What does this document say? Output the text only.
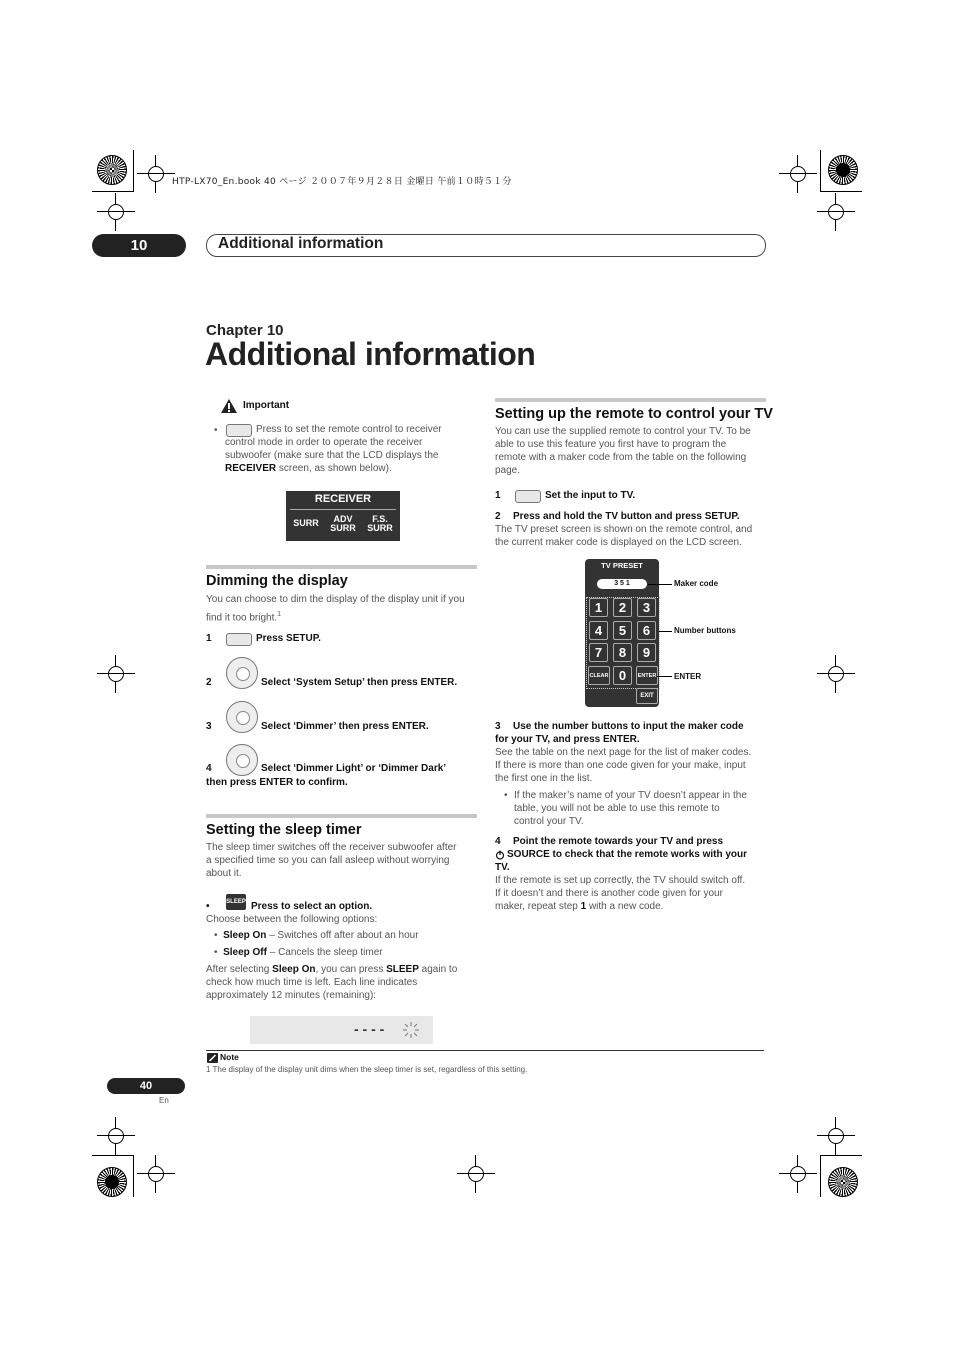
HTP-LX70_En.book 40 ページ ２００７年９月２８日 金曜日 午前１０時５１分
10	Additional information
Chapter 10
Additional information
Important
•	Press to set the remote control to receiver
control mode in order to operate the receiver
subwoofer (make sure that the LCD displays the
RECEIVER screen, as shown below).
RECEIVER
SURR	ADV SURR
F.S. SURR
Dimming the display
You can choose to dim the display of the display unit if you
find it too bright.$^1$
1	Press SETUP.
2	Select ‘System Setup’ then press ENTER.
3	Select ‘Dimmer’ then press ENTER.
4	Select ‘Dimmer Light’ or ‘Dimmer Dark’
then press ENTER to confirm.
Setting the sleep timer
The sleep timer switches off the receiver subwoofer after
a specified time so you can fall asleep without worrying
about it.
•	SLEEP Press to select an option.
Choose between the following options:
•  Sleep On – Switches off after about an hour
•  Sleep Off – Cancels the sleep timer
After selecting Sleep On, you can press SLEEP again to
check how much time is left. Each line indicates
approximately 12 minutes (remaining):
- - - -
Setting up the remote to control your TV
You can use the supplied remote to control your TV. To be
able to use this feature you first have to program the
remote with a maker code from the table on the following
page.
1	Set the input to TV.
2 Press and hold the TV button and press SETUP.
The TV preset screen is shown on the remote control, and
the current maker code is displayed on the LCD screen.
TV PRESET
3 5 1
1	2	3
4	5	6
7	8	9
CLEAR 0	ENTER
EXIT
Maker code
Number buttons
ENTER
3 Use the number buttons to input the maker code
for your TV, and press ENTER.
See the table on the next page for the list of maker codes.
If there is more than one code given for your make, input
the first one in the list.
• If the maker’s name of your TV doesn’t appear in the
table, you will not be able to use this remote to
control your TV.
4 Point the remote towards your TV and press
SOURCE to check that the remote works with your
TV.
If the remote is set up correctly, the TV should switch off.
If it doesn’t and there is another code given for your
maker, repeat step 1 with a new code.
Note
1 The display of the display unit dims when the sleep timer is set, regardless of this setting.
40
En
